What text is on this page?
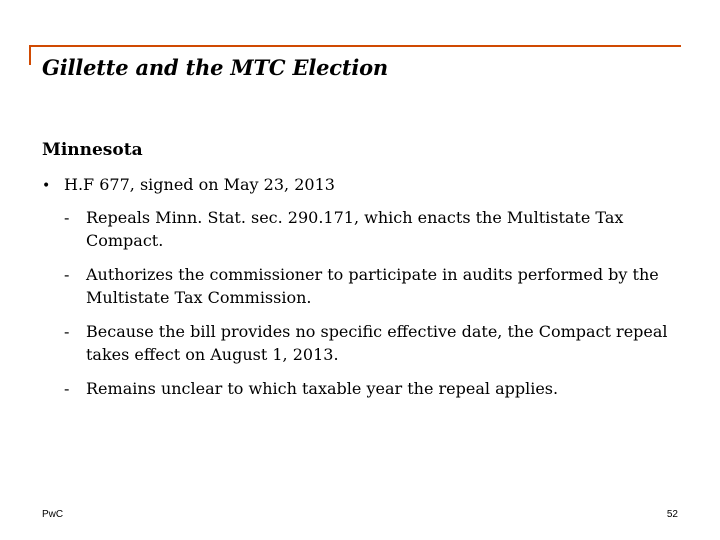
Gillette and the MTC Election
Minnesota
• H.F 677, signed on May 23, 2013
- Repeals Minn. Stat. sec. 290.171, which enacts the Multistate Tax Compact.
- Authorizes the commissioner to participate in audits performed by the Multistate Tax Commission.
- Because the bill provides no specific effective date, the Compact repeal takes effect on August 1, 2013.
- Remains unclear to which taxable year the repeal applies.
PwC	52
